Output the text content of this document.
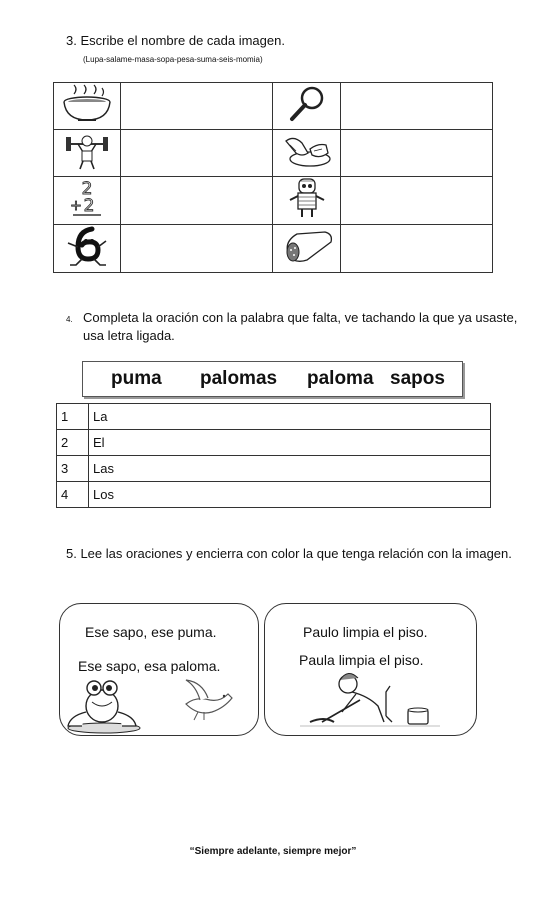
3. Escribe el nombre de cada imagen.
(Lupa-salame-masa-sopa-pesa-suma-seis-momia)

2
+ 2

4. Completa la oración con la palabra que falta, ve tachando la que ya usaste,
usa letra ligada.
puma palomas paloma sapos
1	La
2	El
3	Las
4	Los
5. Lee las oraciones y encierra con color la que tenga relación con la imagen.
Ese sapo, ese puma.
Ese sapo, esa paloma.
Paulo limpia el piso.
Paula limpia el piso.
“Siempre adelante, siempre mejor”
